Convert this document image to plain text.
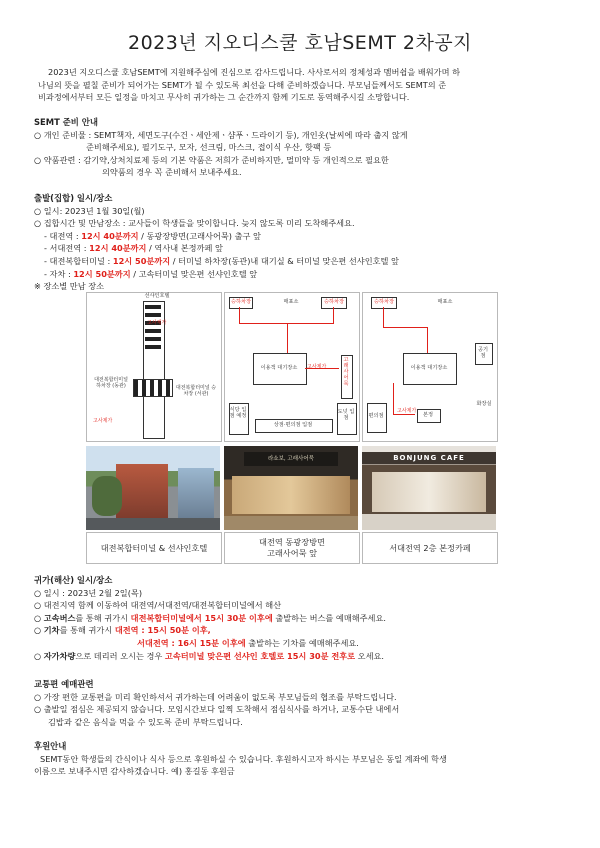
2023년 지오디스쿨 호남SEMT 2차공지
2023년 지오디스쿨 호남SEMT에 지원해주심에 진심으로 감사드립니다. 사사로서의 정체성과 멤버쉽을 배워가며 하
나님의 뜻을 펼칠 준비가 되어가는 SEMT가 될 수 있도록 최선을 다해 준비하겠습니다. 부모님들께서도 SEMT의 준
비과정에서부터 모든 일정을 마치고 무사히 귀가하는 그 순간까지 함께 기도로 동역해주시길 소망합니다.
SEMT 준비 안내
○ 개인 준비물 : SEMT책자, 세면도구(수건ㆍ세안제ㆍ샴푸ㆍ드라이기 등), 개인옷(날씨에 따라 춥지 않게
준비해주세요), 필기도구, 모자, 선크림, 마스크, 접이식 우산, 핫팩 등
○ 약품관련 : 감기약,상처치료제 등의 기본 약품은 저희가 준비하지만, 멀미약 등 개인적으로 필요한
의약품의 경우 꼭 준비해서 보내주세요.
출발(집합) 일시/장소
○ 일시: 2023년 1월 30일(월)
○ 집합시간 및 만남장소 : 교사들이 학생들을 맞이합니다. 늦지 않도록 미리 도착해주세요.
- 대전역 : 12시 40분까지 / 동광장방면(고래사어묵) 출구 앞
- 서대전역 : 12시 40분까지 / 역사내 본정까페 앞
- 대전복합터미널 : 12시 50분까지 / 터미널 하차장(동관)내 대기실 & 터미널 맞은편 선샤인호텔 앞
- 자차 : 12시 50분까지 / 고속터미널 맞은편 선샤인호텔 앞
※ 장소별 만남 장소
선샤인호텔
고사제가
대전복합터미널 하차장 (동관)
고사제가
대전복합터미널 승차장 (서관)
승하차장	매표소	승하차장
이용객 대기장소	고사제가
고래사어묵
식당 입점 예정
상점·편의점 입점
도넛 입점
승하차장	매표소
이용객 대기장소
공기 점
고사제가
편의점	본정
화장실
라쇼보, 고래사어묵	BONJUNG CAFE
대전복합터미널 & 선샤인호텔
대전역 동광장방면
고래사어묵 앞	서대전역 2층 본정카페
귀가(해산) 일시/장소
○ 일시 : 2023년 2월 2일(목)
○ 대전지역 함께 이동하여 대전역/서대전역/대전복합터미널에서 해산
○ 고속버스를 통해 귀가시 대전복합터미널에서 15시 30분 이후에 출발하는 버스를 예매해주세요.
○ 기차를 통해 귀가시 대전역 : 15시 50분 이후,
서대전역 : 16시 15분 이후에 출발하는 기차를 예매해주세요.
○ 자가차량으로 데리러 오시는 경우 고속터미널 맞은편 선샤인 호텔로 15시 30분 전후로 오세요.
교통편 예매관련
○ 가장 편한 교통편을 미리 확인하셔서 귀가하는데 어려움이 없도록 부모님들의 협조를 부탁드립니다.
○ 출발일 점심은 제공되지 않습니다. 모임시간보다 일찍 도착해서 점심식사를 하거나, 교통수단 내에서
김밥과 같은 음식을 먹을 수 있도록 준비 부탁드립니다.
후원안내
SEMT동안 학생들의 간식이나 식사 등으로 후원하실 수 있습니다. 후원하시고자 하시는 부모님은 동일 계좌에 학생
이름으로 보내주시면 감사하겠습니다. 예) 홍길동 후원금
